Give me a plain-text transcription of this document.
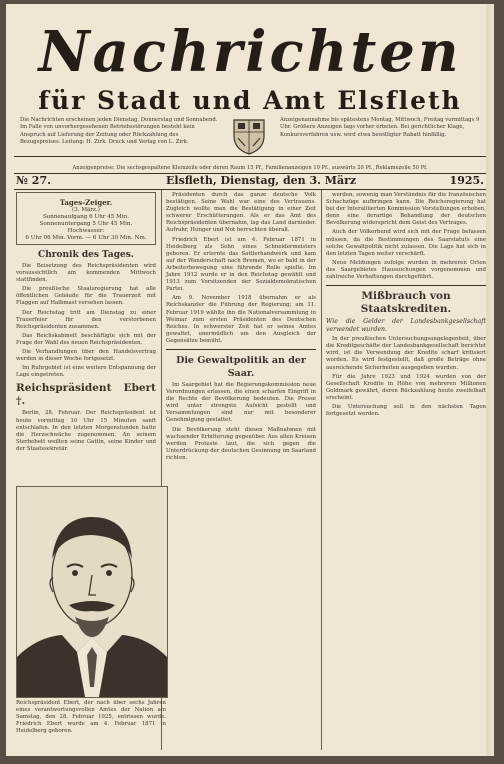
Nachrichten
für Stadt und Amt Elsfleth
Die Nachrichten erscheinen jeden Dienstag, Donnerstag und Sonnabend. Im Falle von unvorhergesehenen Betriebsstörungen besteht kein Anspruch auf Lieferung der Zeitung oder Rückzahlung des Bezugspreises. Leitung: H. Zirk. Druck und Verlag von L. Zirk.
Anzeigenannahme bis spätestens Montag, Mittwoch, Freitag vormittags 9 Uhr. Größere Anzeigen tags vorher erbeten. Bei gerichtlicher Klage, Konkursverfahren usw. wird etwa bewilligter Rabatt hinfällig.
Anzeigenpreise: Die sechsgespaltene Kleinzeile oder deren Raum 15 Pf., Familienanzeigen 10 Pf., auswärts 20 Pf., Reklamezeile 50 Pf.
№ 27.	Elsfleth, Dienstag, den 3. März	1925.
Tages-Zeiger.
(3. März.)
Sonnenaufgang 6 Uhr 45 Min.
Sonnenuntergang 5 Uhr 45 Min.
Hochwasser:
6 Uhr 06 Min. Vorm. — 6 Uhr 30 Min. Nm.
Chronik des Tages.

Die Beisetzung des Reichspräsidenten wird voraussichtlich am kommenden Mittwoch stattfinden.

Die preußische Staatsregierung hat alle öffentlichen Gebäude für die Trauerzeit mit Flaggen auf Halbmast versehen lassen.

Der Reichstag tritt am Dienstag zu einer Trauerfeier für den verstorbenen Reichspräsidenten zusammen.

Das Reichskabinett beschäftigte sich mit der Frage der Wahl des neuen Reichspräsidenten.

Die Verhandlungen über den Handelsvertrag werden in dieser Woche fortgesetzt.

Im Ruhrgebiet ist eine weitere Entspannung der Lage eingetreten.

Reichspräsident Ebert †.

Berlin, 28. Februar. Der Reichspräsident ist heute vormittag 10 Uhr 15 Minuten sanft entschlafen. In den letzten Morgenstunden hatte die Herzschwäche zugenommen. An seinem Sterbebett weilten seine Gattin, seine Kinder und der Staatssekretär.

Reichspräsident Ebert, der nach über sechs Jahren eines verantwortungsvollen Amtes der Nation am Samstag, den 28. Februar 1925, entrissen wurde. Friedrich Ebert wurde am 4. Februar 1871 in Heidelberg geboren.

Präsidenten durch das ganze deutsche Volk bestätigen. Seine Wahl war eine des Vertrauens. Zugleich wollte man die Bestätigung in einer Zeit schwerer Erschütterungen. Als er das Amt des Reichspräsidenten übernahm, lag das Land darnieder. Aufruhr, Hunger und Not herrschten überall.

Friedrich Ebert ist am 4. Februar 1871 in Heidelberg als Sohn eines Schneidermeisters geboren. Er erlernte das Sattlerhandwerk und kam auf der Wanderschaft nach Bremen, wo er bald in der Arbeiterbewegung eine führende Rolle spielte. Im Jahre 1912 wurde er in den Reichstag gewählt und 1913 zum Vorsitzenden der Sozialdemokratischen Partei.

Am 9. November 1918 übernahm er als Reichskanzler die Führung der Regierung; am 11. Februar 1919 wählte ihn die Nationalversammlung in Weimar zum ersten Präsidenten des Deutschen Reiches. In schwerster Zeit hat er seines Amtes gewaltet, unermüdlich um den Ausgleich der Gegensätze bemüht.

Die Gewaltpolitik an der Saar.

Im Saargebiet hat die Regierungskommission neue Verordnungen erlassen, die einen scharfen Eingriff in die Rechte der Bevölkerung bedeuten. Die Presse wird unter strengste Aufsicht gestellt und Versammlungen sind nur mit besonderer Genehmigung gestattet.

Die Bevölkerung steht diesen Maßnahmen mit wachsender Erbitterung gegenüber. Aus allen Kreisen werden Proteste laut, die sich gegen die Unterdrückung der deutschen Gesinnung im Saarland richten.

werden, sowenig man Verständnis für die französischen Schachzüge aufbringen kann. Die Reichsregierung hat bei der Interalliierten Kommission Vorstellungen erhoben, denn eine derartige Behandlung der deutschen Bevölkerung widerspricht dem Geist des Vertrages.

Auch der Völkerbund wird sich mit der Frage befassen müssen, da die Bestimmungen des Saarstatuts eine solche Gewaltpolitik nicht zulassen. Die Lage hat sich in den letzten Tagen weiter verschärft.

Neue Meldungen zufolge wurden in mehreren Orten des Saargebietes Haussuchungen vorgenommen und zahlreiche Verhaftungen durchgeführt.

Mißbrauch von Staatskrediten.
Wie die Gelder der Landesbankgesellschaft verwendet wurden.

In der preußischen Untersuchungsangelegenheit, über die Kreditgeschäfte der Landesbankgesellschaft berichtet wird, ist die Verwendung der Kredite scharf kritisiert worden. Es wird festgestellt, daß große Beträge ohne ausreichende Sicherheiten ausgegeben wurden.

Für die Jahre 1923 und 1924 wurden von der Gesellschaft Kredite in Höhe von mehreren Millionen Goldmark gewährt, deren Rückzahlung heute zweifelhaft erscheint.

Die Untersuchung soll in den nächsten Tagen fortgesetzt werden.
